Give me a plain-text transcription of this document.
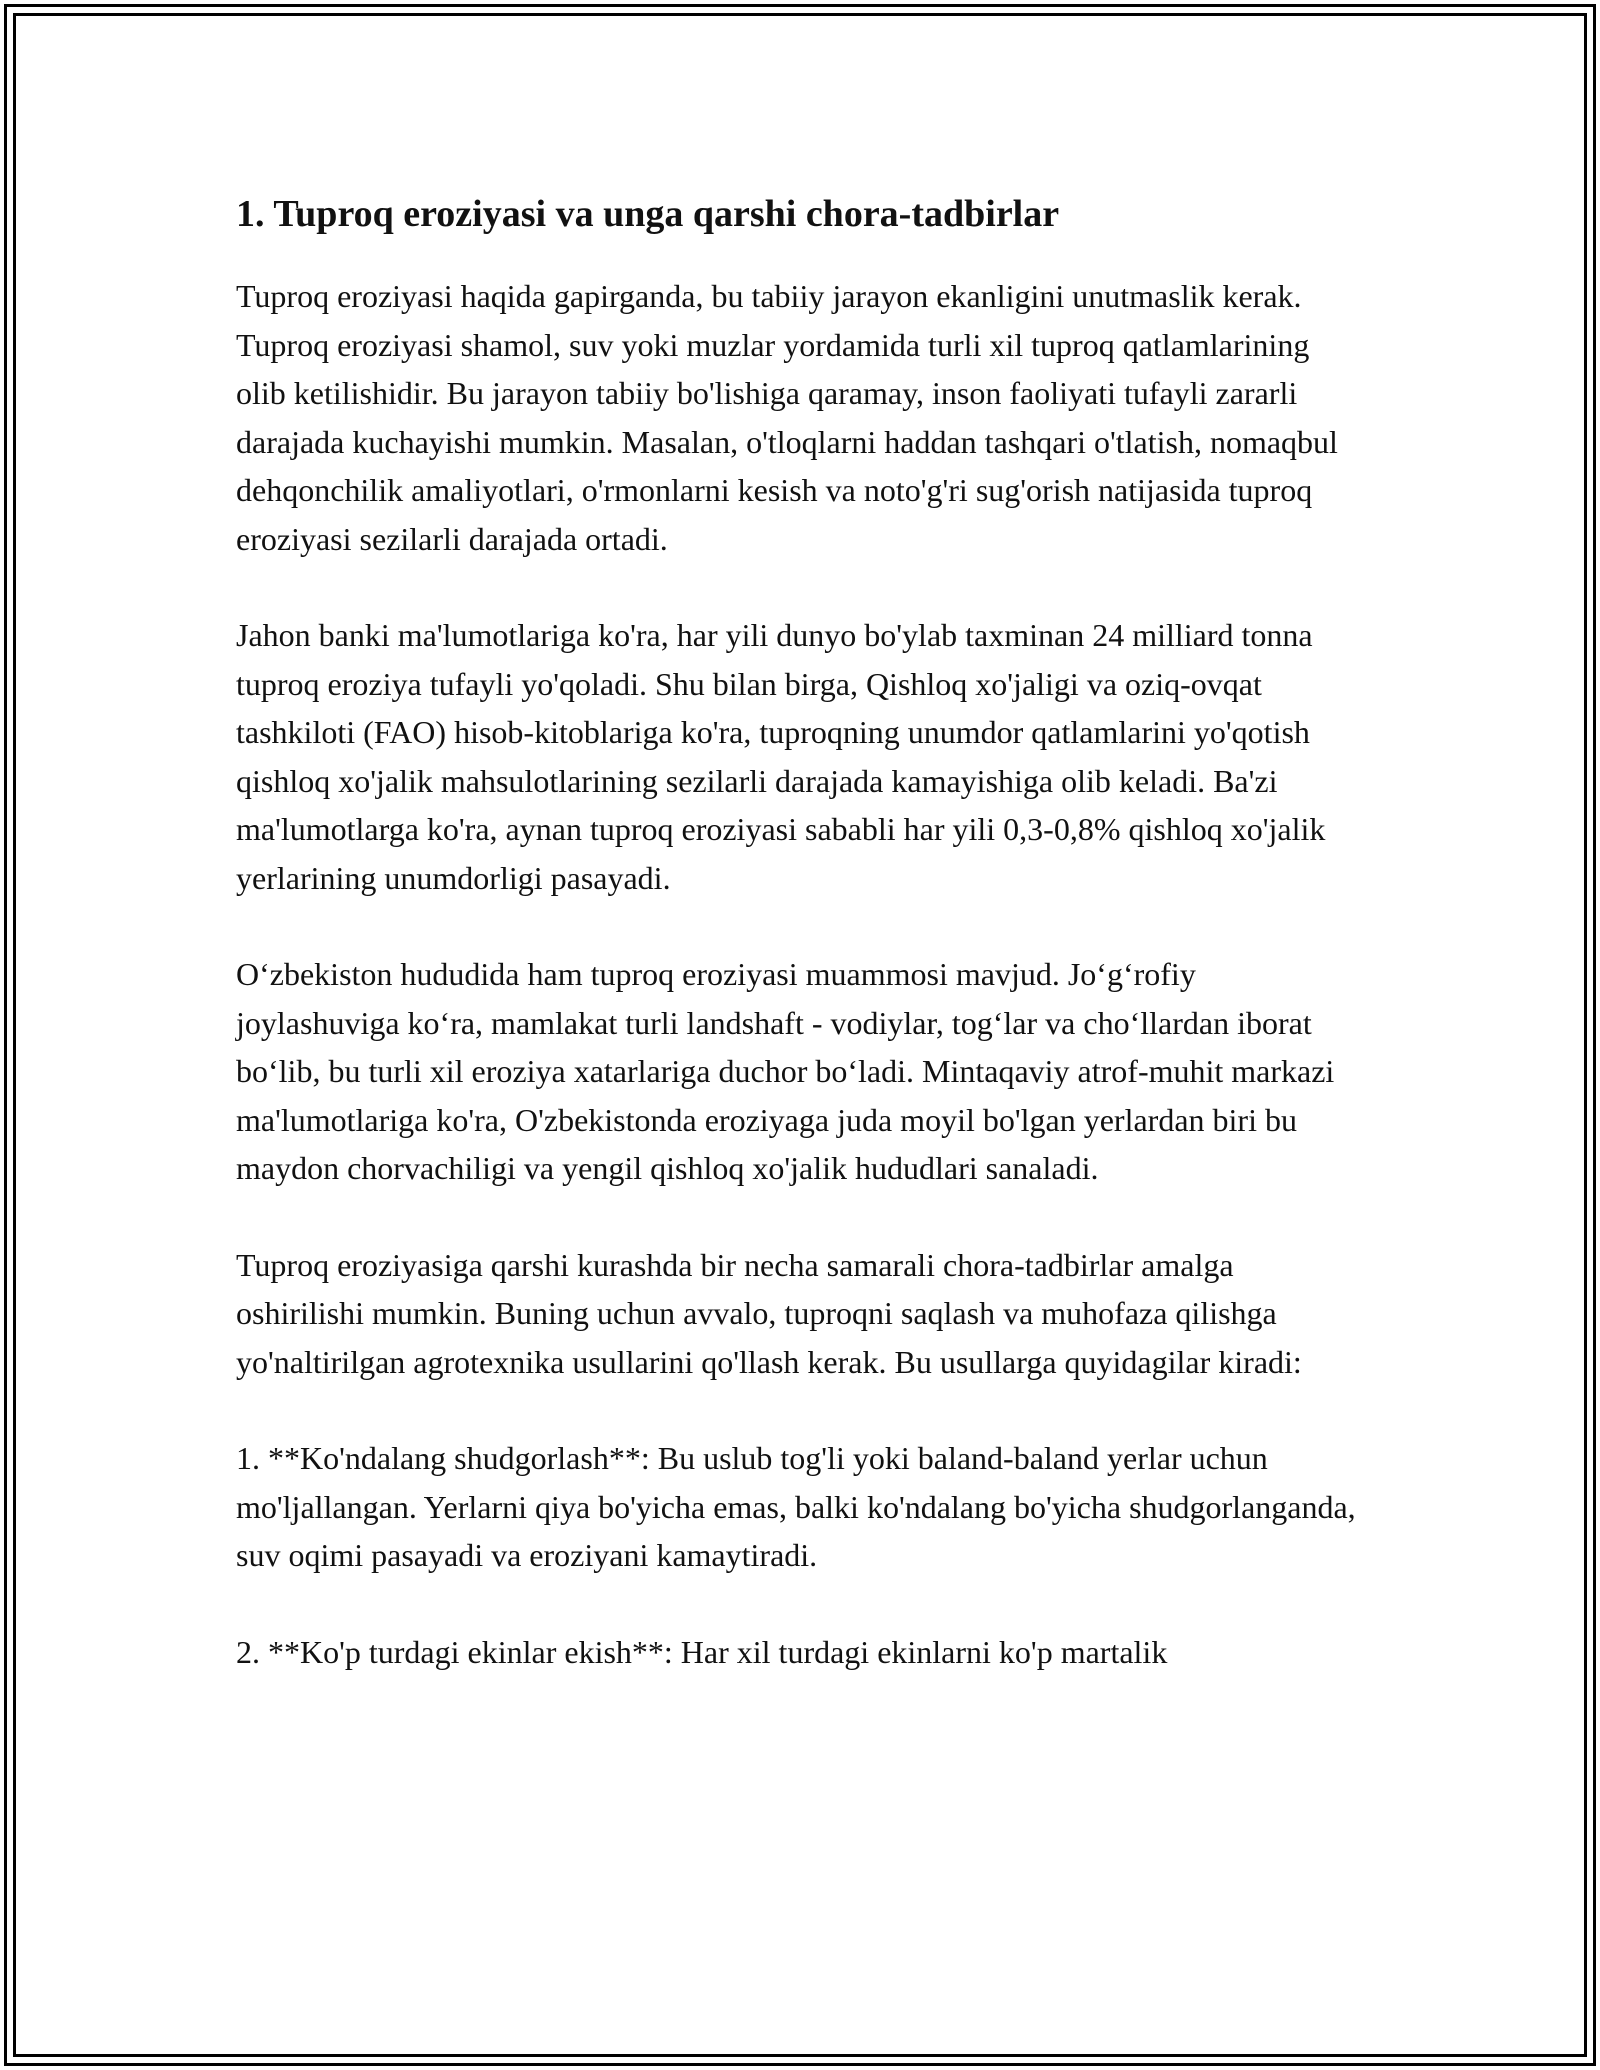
1. Tuproq eroziyasi va unga qarshi chora-tadbirlar

Tuproq eroziyasi haqida gapirganda, bu tabiiy jarayon ekanligini unutmaslik kerak. Tuproq eroziyasi shamol, suv yoki muzlar yordamida turli xil tuproq qatlamlarining olib ketilishidir. Bu jarayon tabiiy bo'lishiga qaramay, inson faoliyati tufayli zararli darajada kuchayishi mumkin. Masalan, o'tloqlarni haddan tashqari o'tlatish, nomaqbul dehqonchilik amaliyotlari, o'rmonlarni kesish va noto'g'ri sug'orish natijasida tuproq eroziyasi sezilarli darajada ortadi.

Jahon banki ma'lumotlariga ko'ra, har yili dunyo bo'ylab taxminan 24 milliard tonna tuproq eroziya tufayli yo'qoladi. Shu bilan birga, Qishloq xo'jaligi va oziq-ovqat tashkiloti (FAO) hisob-kitoblariga ko'ra, tuproqning unumdor qatlamlarini yo'qotish qishloq xo'jalik mahsulotlarining sezilarli darajada kamayishiga olib keladi. Ba'zi ma'lumotlarga ko'ra, aynan tuproq eroziyasi sababli har yili 0,3-0,8% qishloq xo'jalik yerlarining unumdorligi pasayadi.

O‘zbekiston hududida ham tuproq eroziyasi muammosi mavjud. Jo‘g‘rofiy joylashuviga ko‘ra, mamlakat turli landshaft - vodiylar, tog‘lar va cho‘llardan iborat bo‘lib, bu turli xil eroziya xatarlariga duchor bo‘ladi. Mintaqaviy atrof-muhit markazi ma'lumotlariga ko'ra, O'zbekistonda eroziyaga juda moyil bo'lgan yerlardan biri bu maydon chorvachiligi va yengil qishloq xo'jalik hududlari sanaladi.

Tuproq eroziyasiga qarshi kurashda bir necha samarali chora-tadbirlar amalga oshirilishi mumkin. Buning uchun avvalo, tuproqni saqlash va muhofaza qilishga yo'naltirilgan agrotexnika usullarini qo'llash kerak. Bu usullarga quyidagilar kiradi:

1. **Ko'ndalang shudgorlash**: Bu uslub tog'li yoki baland-baland yerlar uchun mo'ljallangan. Yerlarni qiya bo'yicha emas, balki ko'ndalang bo'yicha shudgorlanganda, suv oqimi pasayadi va eroziyani kamaytiradi.

2. **Ko'p turdagi ekinlar ekish**: Har xil turdagi ekinlarni ko'p martalik
